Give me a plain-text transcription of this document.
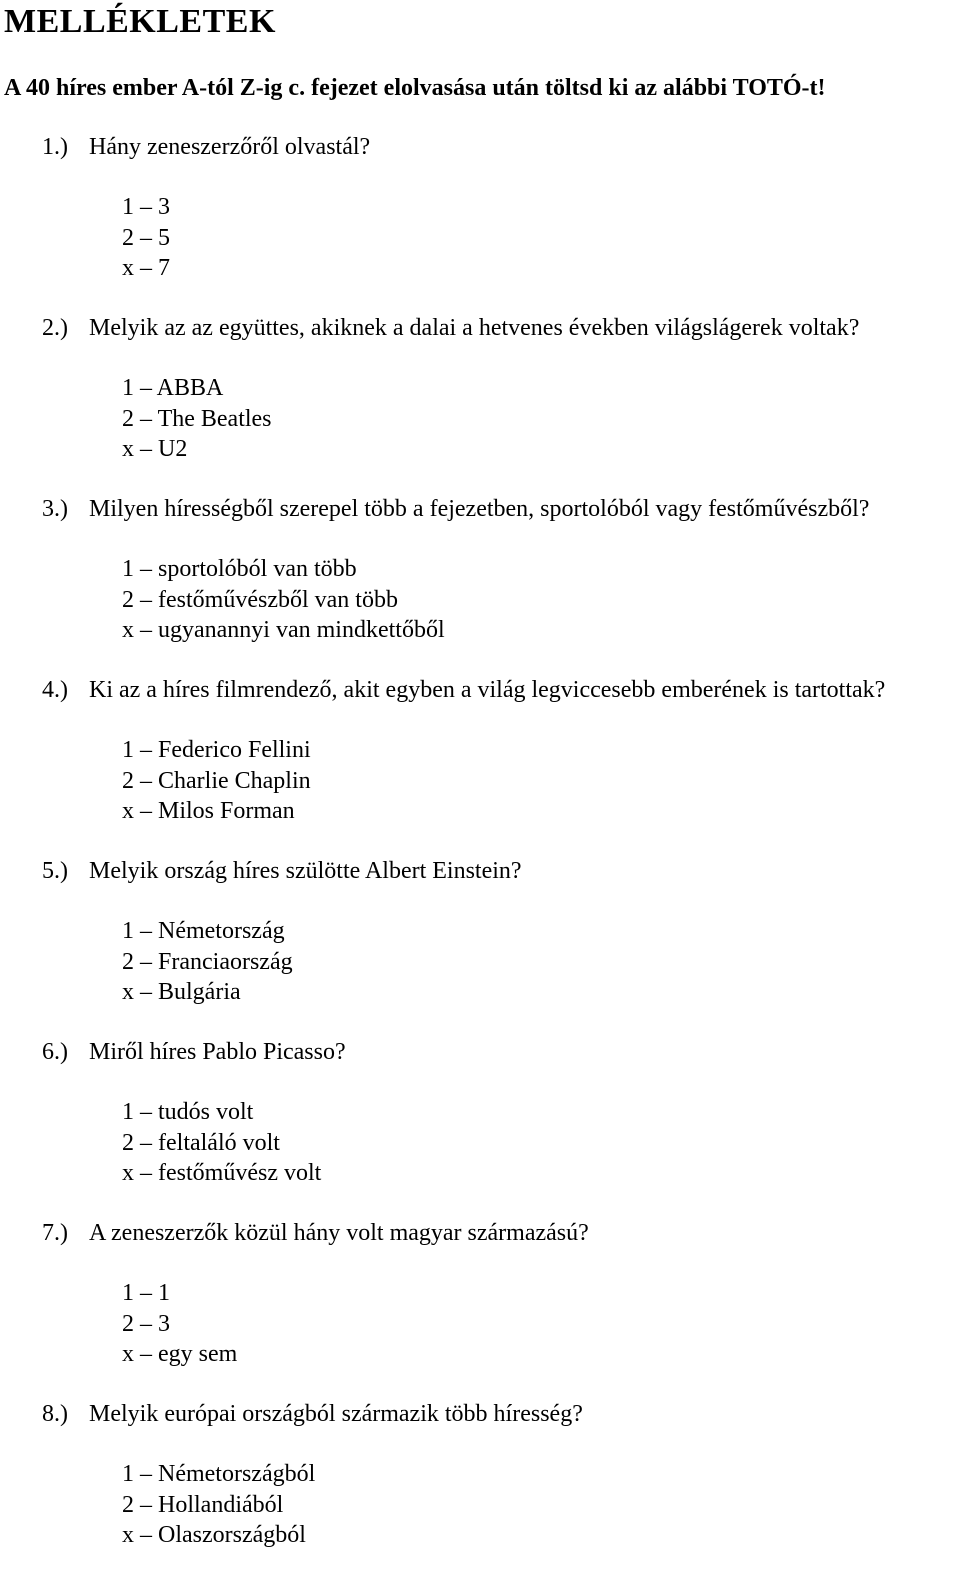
MELLÉKLETEK
A 40 híres ember A-tól Z-ig c. fejezet elolvasása után töltsd ki az alábbi TOTÓ-t!
1.) Hány zeneszerzőről olvastál?
1 – 3
2 – 5
x – 7
2.) Melyik az az együttes, akiknek a dalai a hetvenes években világslágerek voltak?
1 – ABBA
2 – The Beatles
x – U2
3.) Milyen hírességből szerepel több a fejezetben, sportolóból vagy festőművészből?
1 – sportolóból van több
2 – festőművészből van több
x – ugyanannyi van mindkettőből
4.) Ki az a híres filmrendező, akit egyben a világ legviccesebb emberének is tartottak?
1 – Federico Fellini
2 – Charlie Chaplin
x – Milos Forman
5.) Melyik ország híres szülötte Albert Einstein?
1 – Németország
2 – Franciaország
x – Bulgária
6.) Miről híres Pablo Picasso?
1 – tudós volt
2 – feltaláló volt
x – festőművész volt
7.) A zeneszerzők közül hány volt magyar származású?
1 – 1
2 – 3
x – egy sem
8.) Melyik európai országból származik több híresség?
1 – Németországból
2 – Hollandiából
x – Olaszországból
